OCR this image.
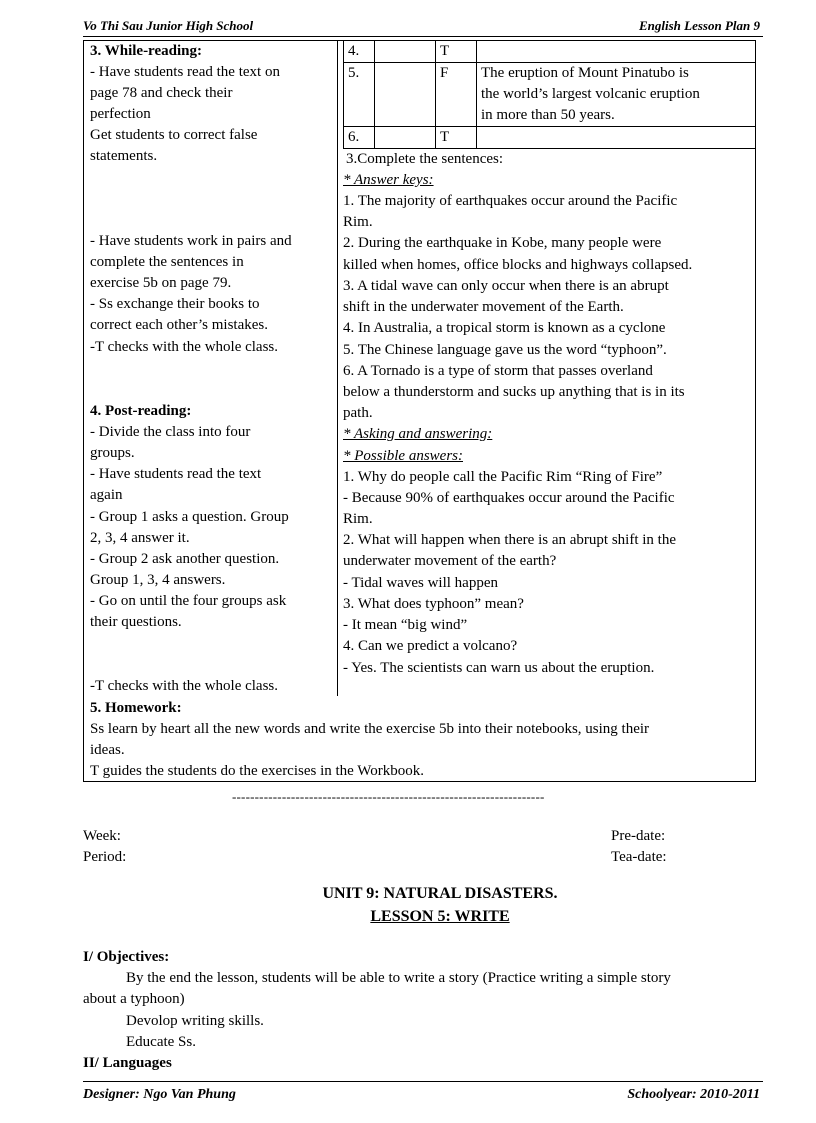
Vo Thi Sau Junior High School	English Lesson Plan 9
3. While-reading:
- Have students read the text on
page 78 and check their
perfection
Get students to correct false
statements.
- Have students work in pairs and
complete the sentences in
exercise 5b on page 79.
- Ss exchange their books to
correct each other’s mistakes.
-T checks with the whole class.
4. Post-reading:
- Divide the class into four
groups.
- Have students read the text
again
- Group 1 asks a question. Group
2, 3, 4 answer it.
- Group 2 ask another question.
Group 1, 3, 4 answers.
- Go on until the four groups ask
their questions.
-T checks with the whole class.
4.		T	
5.		F	The eruption of Mount Pinatubo is
the world’s largest volcanic eruption
in more than 50 years.

6.		T	
3.Complete the sentences:
* Answer keys:
1. The majority of earthquakes occur around the Pacific
Rim.
2. During the earthquake in Kobe, many people were
killed when homes, office blocks and highways collapsed.
3. A tidal wave can only occur when there is an abrupt
shift in the underwater movement of the Earth.
4. In Australia, a tropical storm is known as a cyclone
5. The Chinese language gave us the word “typhoon”.
6. A Tornado is a type of storm that passes overland
below a thunderstorm and sucks up anything that is in its
path.
* Asking and answering:
* Possible answers:
1. Why do people call the Pacific Rim “Ring of Fire”
- Because 90% of earthquakes occur around the Pacific
Rim.
2. What will happen when there is an abrupt shift in the
underwater movement of the earth?
- Tidal waves will happen
3. What does typhoon” mean?
- It mean “big wind”
4. Can we predict a volcano?
- Yes. The scientists can warn us about the eruption.
5. Homework:
Ss learn by heart all the new words and write the exercise 5b into their notebooks, using their
ideas.
T guides the students do the exercises in the Workbook.
---------------------------------------------------------------------
Week:
Period:
Pre-date:
Tea-date:
UNIT 9: NATURAL DISASTERS.
LESSON 5: WRITE
I/ Objectives:
By the end the lesson, students will be able to write a story (Practice writing a simple story
about a typhoon)
Devolop writing skills.
Educate Ss.
II/ Languages
Designer: Ngo Van Phung	Schoolyear: 2010-2011
